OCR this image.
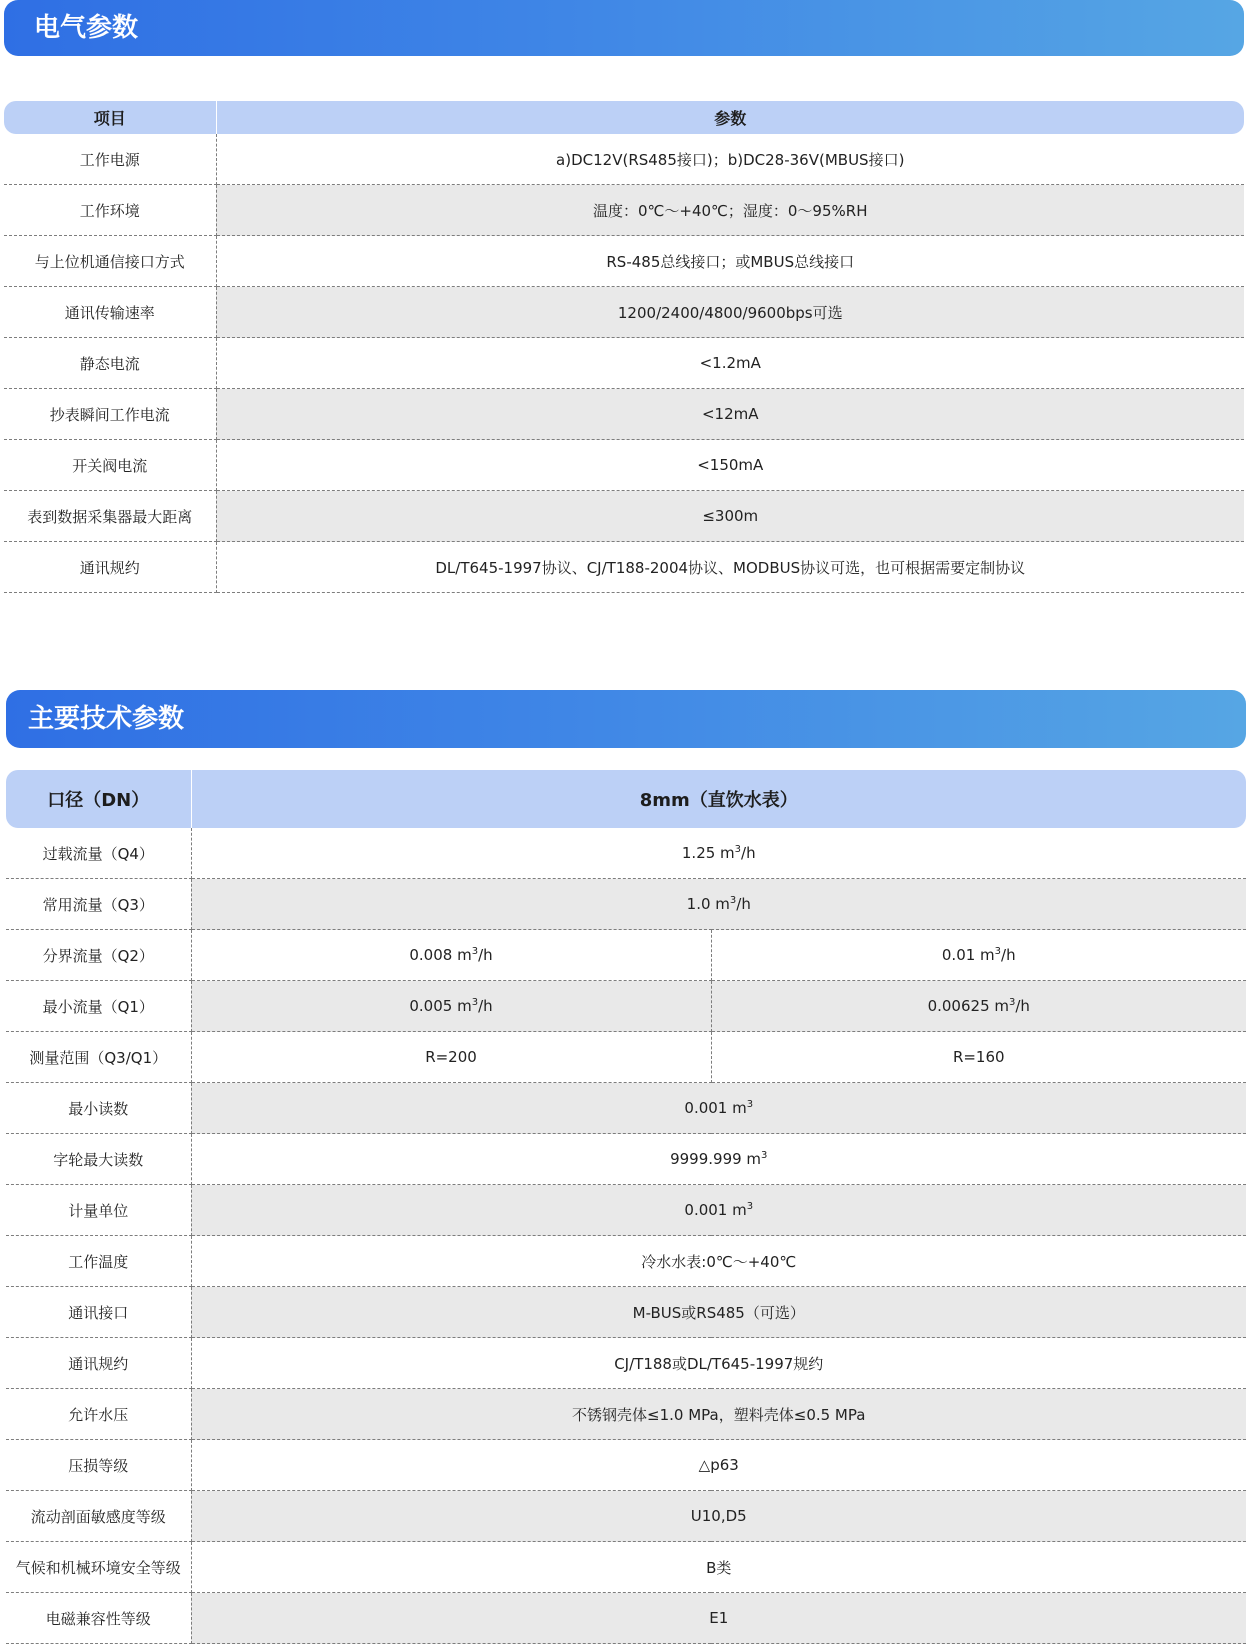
电气参数
项目	参数
工作电源	a)DC12V(RS485接口)；b)DC28-36V(MBUS接口)
工作环境	温度：0℃～+40℃；湿度：0～95%RH
与上位机通信接口方式	RS-485总线接口；或MBUS总线接口
通讯传输速率	1200/2400/4800/9600bps可选
静态电流	<1.2mA
抄表瞬间工作电流	<12mA
开关阀电流	<150mA
表到数据采集器最大距离	≤300m
通讯规约	DL/T645-1997协议、CJ/T188-2004协议、MODBUS协议可选，也可根据需要定制协议
主要技术参数
口径（DN）	8mm（直饮水表）	
过载流量（Q4）	1.25 $m^3/h$	
常用流量（Q3）	1.0 $m^3/h$	
分界流量（Q2）	0.008 $m^3/h$	0.01 $m^3/h$
最小流量（Q1）	0.005 $m^3/h$	0.00625 $m^3/h$
测量范围（Q3/Q1）	R=200	R=160
最小读数	0.001 $m^3$
字轮最大读数	9999.999 $m^3$
计量单位	0.001 $m^3$
工作温度	冷水水表:0℃～+40℃	
通讯接口	M-BUS或RS485（可选）	
通讯规约	CJ/T188或DL/T645-1997规约	
允许水压	不锈钢壳体≤1.0 MPa，塑料壳体≤0.5 MPa	
压损等级	△p63	
流动剖面敏感度等级	U10,D5	
气候和机械环境安全等级	B类	
电磁兼容性等级	E1	
